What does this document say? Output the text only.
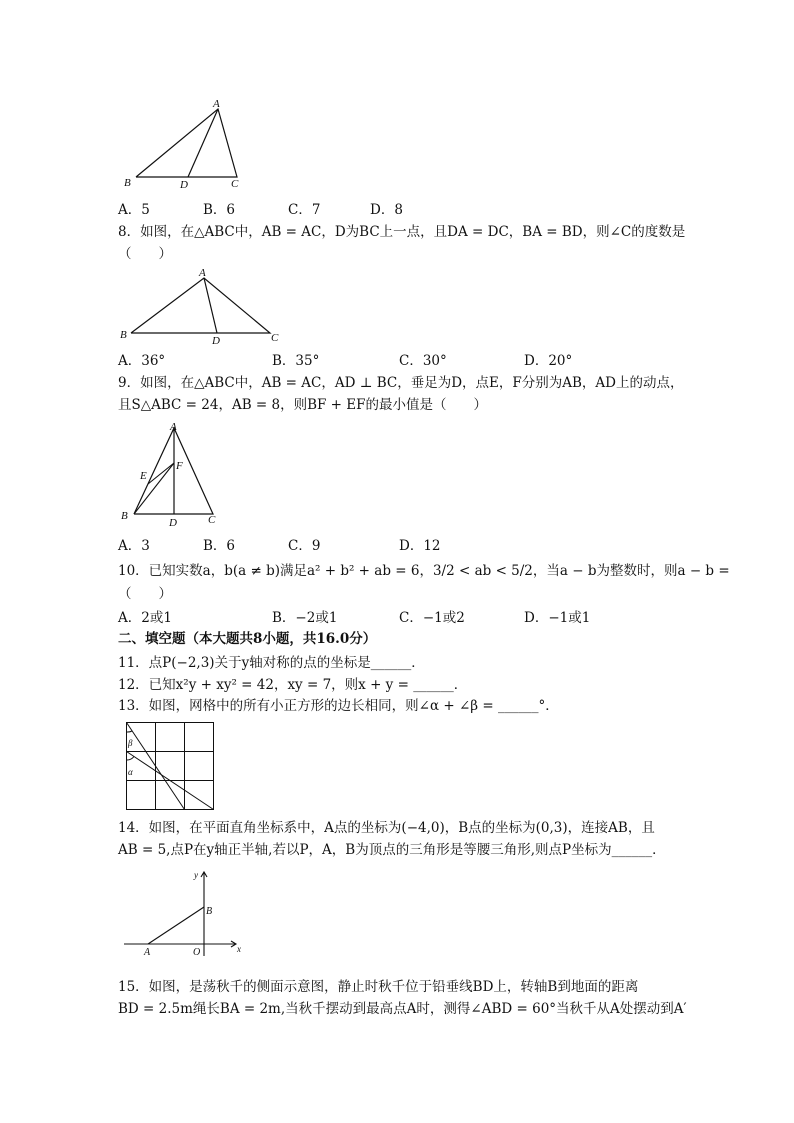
A
B	D	C
A．5	B．6	C．7	D．8
8．如图，在△ABC中，AB = AC，D为BC上一点，且DA = DC，BA = BD，则∠C的度数是
（　　）
A
B	D	C
A．36°	B．35°	C．30°	D．20°
9．如图，在△ABC中，AB = AC，AD ⊥ BC，垂足为D，点E，F分别为AB，AD上的动点，
且S△ABC = 24，AB = 8，则BF + EF的最小值是（　　）
A
E
F
B
D	C
A．3	B．6	C．9	D．12
10．已知实数a，b(a ≠ b)满足a² + b² + ab = 6，3/2 < ab < 5/2，当a − b为整数时，则a − b =
（　　）
A．2或1	B．−2或1	C．−1或2	D．−1或1
二、填空题（本大题共8小题，共16.0分）
11．点P(−2,3)关于y轴对称的点的坐标是______．
12．已知x²y + xy² = 42，xy = 7，则x + y = ______．
13．如图，网格中的所有小正方形的边长相同，则∠α + ∠β = ______°．
β
α
14．如图，在平面直角坐标系中，A点的坐标为(−4,0)，B点的坐标为(0,3)，连接AB，且
AB = 5,点P在y轴正半轴,若以P，A，B为顶点的三角形是等腰三角形,则点P坐标为______．
y
x
B
A	O
15．如图，是荡秋千的侧面示意图，静止时秋千位于铅垂线BD上，转轴B到地面的距离
BD = 2.5m绳长BA = 2m,当秋千摆动到最高点A时，测得∠ABD = 60°当秋千从A处摆动到A′
